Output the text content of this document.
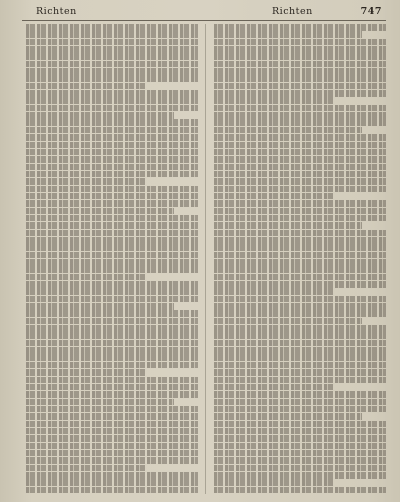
Richten	Richten	747
